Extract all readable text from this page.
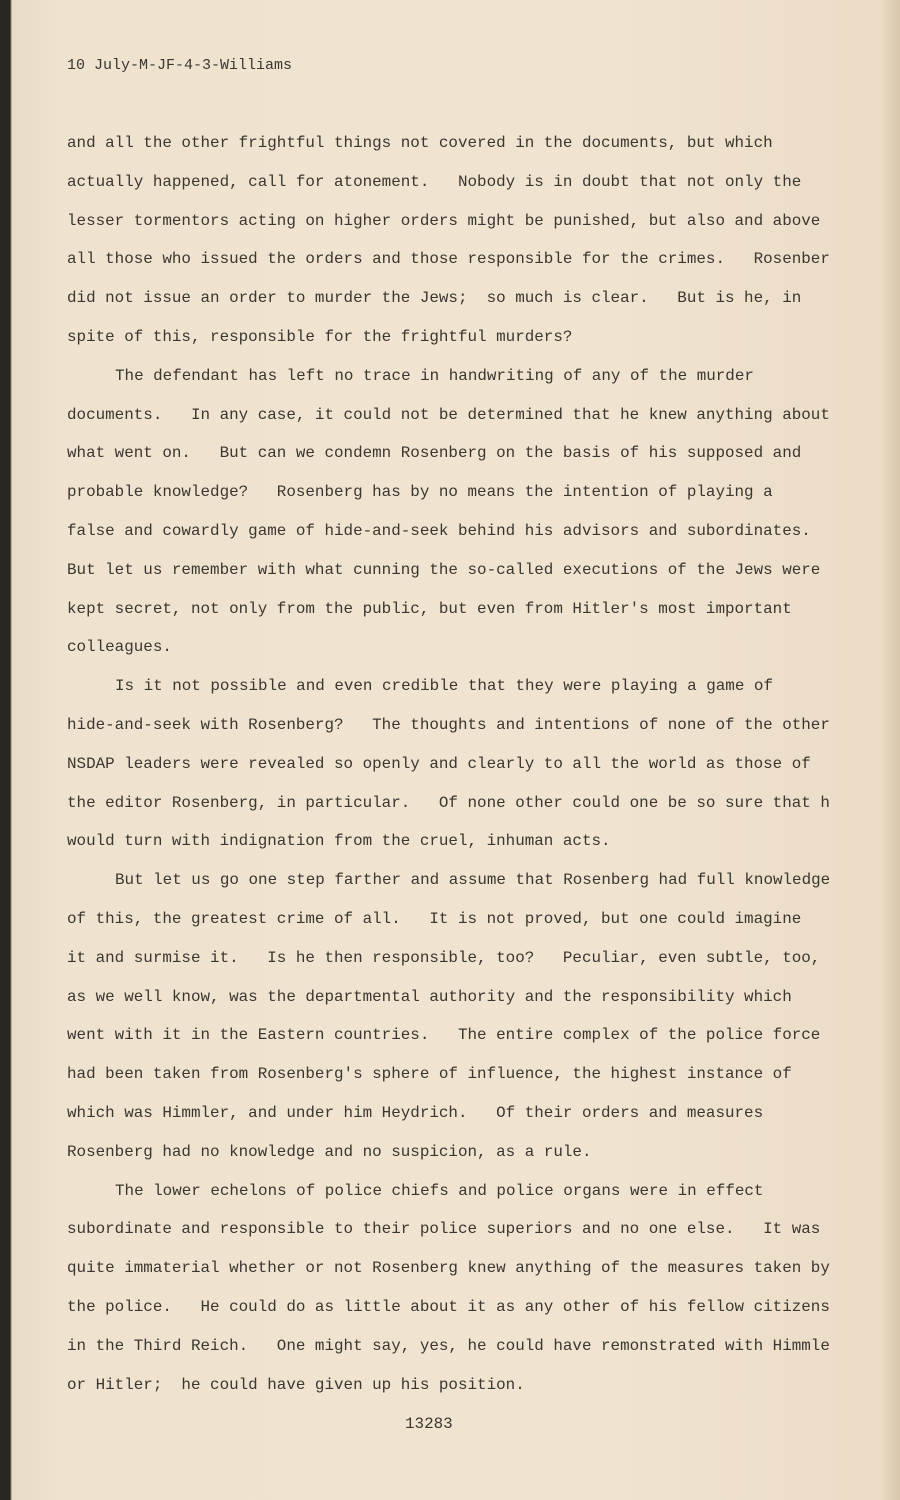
10 July-M-JF-4-3-Williams
and all the other frightful things not covered in the documents, but which
actually happened, call for atonement.   Nobody is in doubt that not only the
lesser tormentors acting on higher orders might be punished, but also and above
all those who issued the orders and those responsible for the crimes.   Rosenber
did not issue an order to murder the Jews;  so much is clear.   But is he, in
spite of this, responsible for the frightful murders?
The defendant has left no trace in handwriting of any of the murder
documents.   In any case, it could not be determined that he knew anything about
what went on.   But can we condemn Rosenberg on the basis of his supposed and
probable knowledge?   Rosenberg has by no means the intention of playing a
false and cowardly game of hide-and-seek behind his advisors and subordinates.
But let us remember with what cunning the so-called executions of the Jews were
kept secret, not only from the public, but even from Hitler's most important
colleagues.
Is it not possible and even credible that they were playing a game of
hide-and-seek with Rosenberg?   The thoughts and intentions of none of the other
NSDAP leaders were revealed so openly and clearly to all the world as those of
the editor Rosenberg, in particular.   Of none other could one be so sure that h
would turn with indignation from the cruel, inhuman acts.
But let us go one step farther and assume that Rosenberg had full knowledge
of this, the greatest crime of all.   It is not proved, but one could imagine
it and surmise it.   Is he then responsible, too?   Peculiar, even subtle, too,
as we well know, was the departmental authority and the responsibility which
went with it in the Eastern countries.   The entire complex of the police force
had been taken from Rosenberg's sphere of influence, the highest instance of
which was Himmler, and under him Heydrich.   Of their orders and measures
Rosenberg had no knowledge and no suspicion, as a rule.
The lower echelons of police chiefs and police organs were in effect
subordinate and responsible to their police superiors and no one else.   It was
quite immaterial whether or not Rosenberg knew anything of the measures taken by
the police.   He could do as little about it as any other of his fellow citizens
in the Third Reich.   One might say, yes, he could have remonstrated with Himmle
or Hitler;  he could have given up his position.
13283
